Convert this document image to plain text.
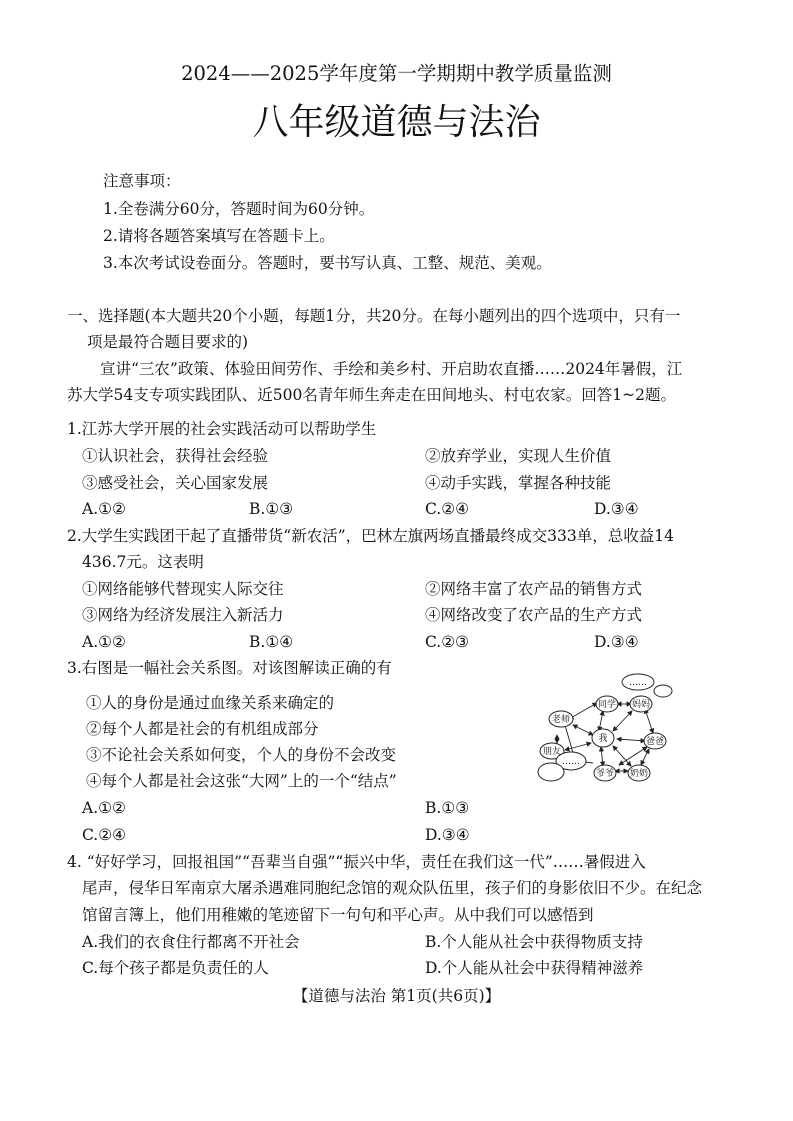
2024——2025学年度第一学期期中教学质量监测
八年级道德与法治
注意事项：
1.全卷满分60分，答题时间为60分钟。
2.请将各题答案填写在答题卡上。
3.本次考试设卷面分。答题时，要书写认真、工整、规范、美观。
一、选择题(本大题共20个小题，每题1分，共20分。在每小题列出的四个选项中，只有一
项是最符合题目要求的)
宣讲“三农”政策、体验田间劳作、手绘和美乡村、开启助农直播……2024年暑假，江
苏大学54支专项实践团队、近500名青年师生奔走在田间地头、村屯农家。回答1~2题。
1.江苏大学开展的社会实践活动可以帮助学生
①认识社会，获得社会经验	②放弃学业，实现人生价值
③感受社会，关心国家发展	④动手实践，掌握各种技能
A.①②	B.①③	C.②④	D.③④
2.大学生实践团干起了直播带货“新农活”，巴林左旗两场直播最终成交333单，总收益14
436.7元。这表明
①网络能够代替现实人际交往	②网络丰富了农产品的销售方式
③网络为经济发展注入新活力	④网络改变了农产品的生产方式
A.①②	B.①④	C.②③	D.③④
3.右图是一幅社会关系图。对该图解读正确的有
①人的身份是通过血缘关系来确定的
②每个人都是社会的有机组成部分
③不论社会关系如何变，个人的身份不会改变
④每个人都是社会这张“大网”上的一个“结点”
A.①②	B.①③
C.②④	D.③④
……
同学 妈妈
老师
我	爸爸
朋友
……
爷爷 奶奶
4. “好好学习，回报祖国”“吾辈当自强”“振兴中华，责任在我们这一代”……暑假进入
尾声，侵华日军南京大屠杀遇难同胞纪念馆的观众队伍里，孩子们的身影依旧不少。在纪念
馆留言簿上，他们用稚嫩的笔迹留下一句句和平心声。从中我们可以感悟到
A.我们的衣食住行都离不开社会	B.个人能从社会中获得物质支持
C.每个孩子都是负责任的人	D.个人能从社会中获得精神滋养
【道德与法治 第1页(共6页)】
